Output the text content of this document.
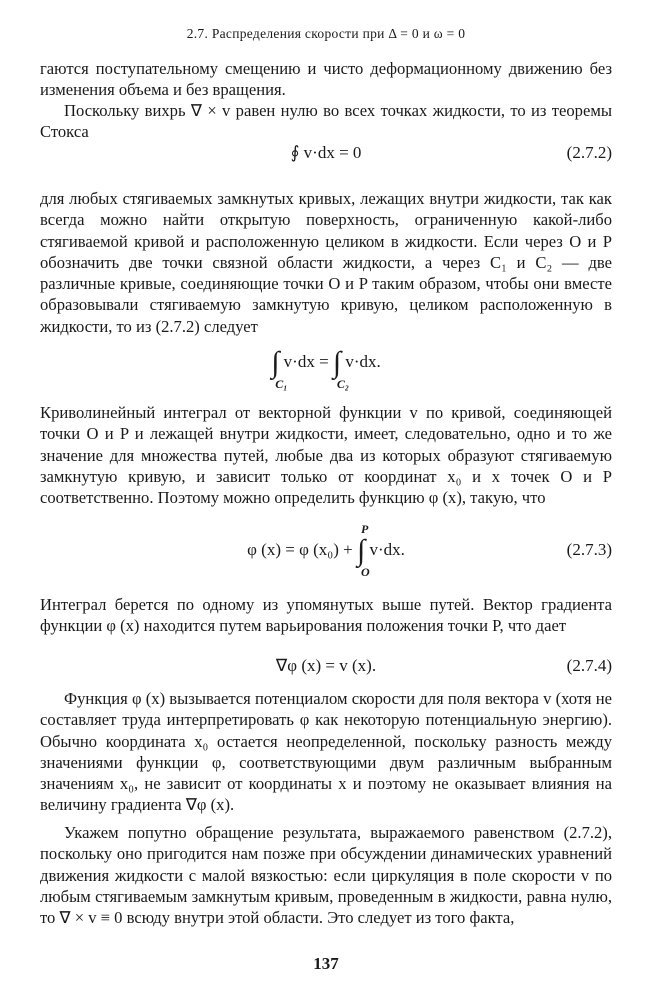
2.7. Распределения скорости при Δ = 0 и ω = 0

гаются поступательному смещению и чисто деформационному движению без изменения объема и без вращения.

Поскольку вихрь ∇ × v равен нулю во всех точках жидкости, то из теоремы Стокса

∮ v·dx = 0	(2.7.2)

для любых стягиваемых замкнутых кривых, лежащих внутри жидкости, так как всегда можно найти открытую поверхность, ограниченную какой-либо стягиваемой кривой и расположенную целиком в жидкости. Если через O и P обозначить две точки связной области жидкости, а через C₁ и C₂ — две различные кривые, соединяющие точки O и P таким образом, чтобы они вместе образовывали стягиваемую замкнутую кривую, целиком расположенную в жидкости, то из (2.7.2) следует

∫
C₁
v·dx = ∫
C₂
v·dx.

Криволинейный интеграл от векторной функции v по кривой, соединяющей точки O и P и лежащей внутри жидкости, имеет, следовательно, одно и то же значение для множества путей, любые два из которых образуют стягиваемую замкнутую кривую, и зависит только от координат x₀ и x точек O и P соответственно. Поэтому можно определить функцию φ (x), такую, что

φ (x) = φ (x₀) +
P
∫
O
v·dx.	(2.7.3)

Интеграл берется по одному из упомянутых выше путей. Вектор градиента функции φ (x) находится путем варьирования положения точки P, что дает

∇φ (x) = v (x).	(2.7.4)

Функция φ (x) вызывается потенциалом скорости для поля вектора v (хотя не составляет труда интерпретировать φ как некоторую потенциальную энергию). Обычно координата x₀ остается неопределенной, поскольку разность между значениями функции φ, соответствующими двум различным выбранным значениям x₀, не зависит от координаты x и поэтому не оказывает влияния на величину градиента ∇φ (x).

Укажем попутно обращение результата, выражаемого равенством (2.7.2), поскольку оно пригодится нам позже при обсуждении динамических уравнений движения жидкости с малой вязкостью: если циркуляция в поле скорости v по любым стягиваемым замкнутым кривым, проведенным в жидкости, равна нулю, то ∇ × v ≡ 0 всюду внутри этой области. Это следует из того факта,

137
